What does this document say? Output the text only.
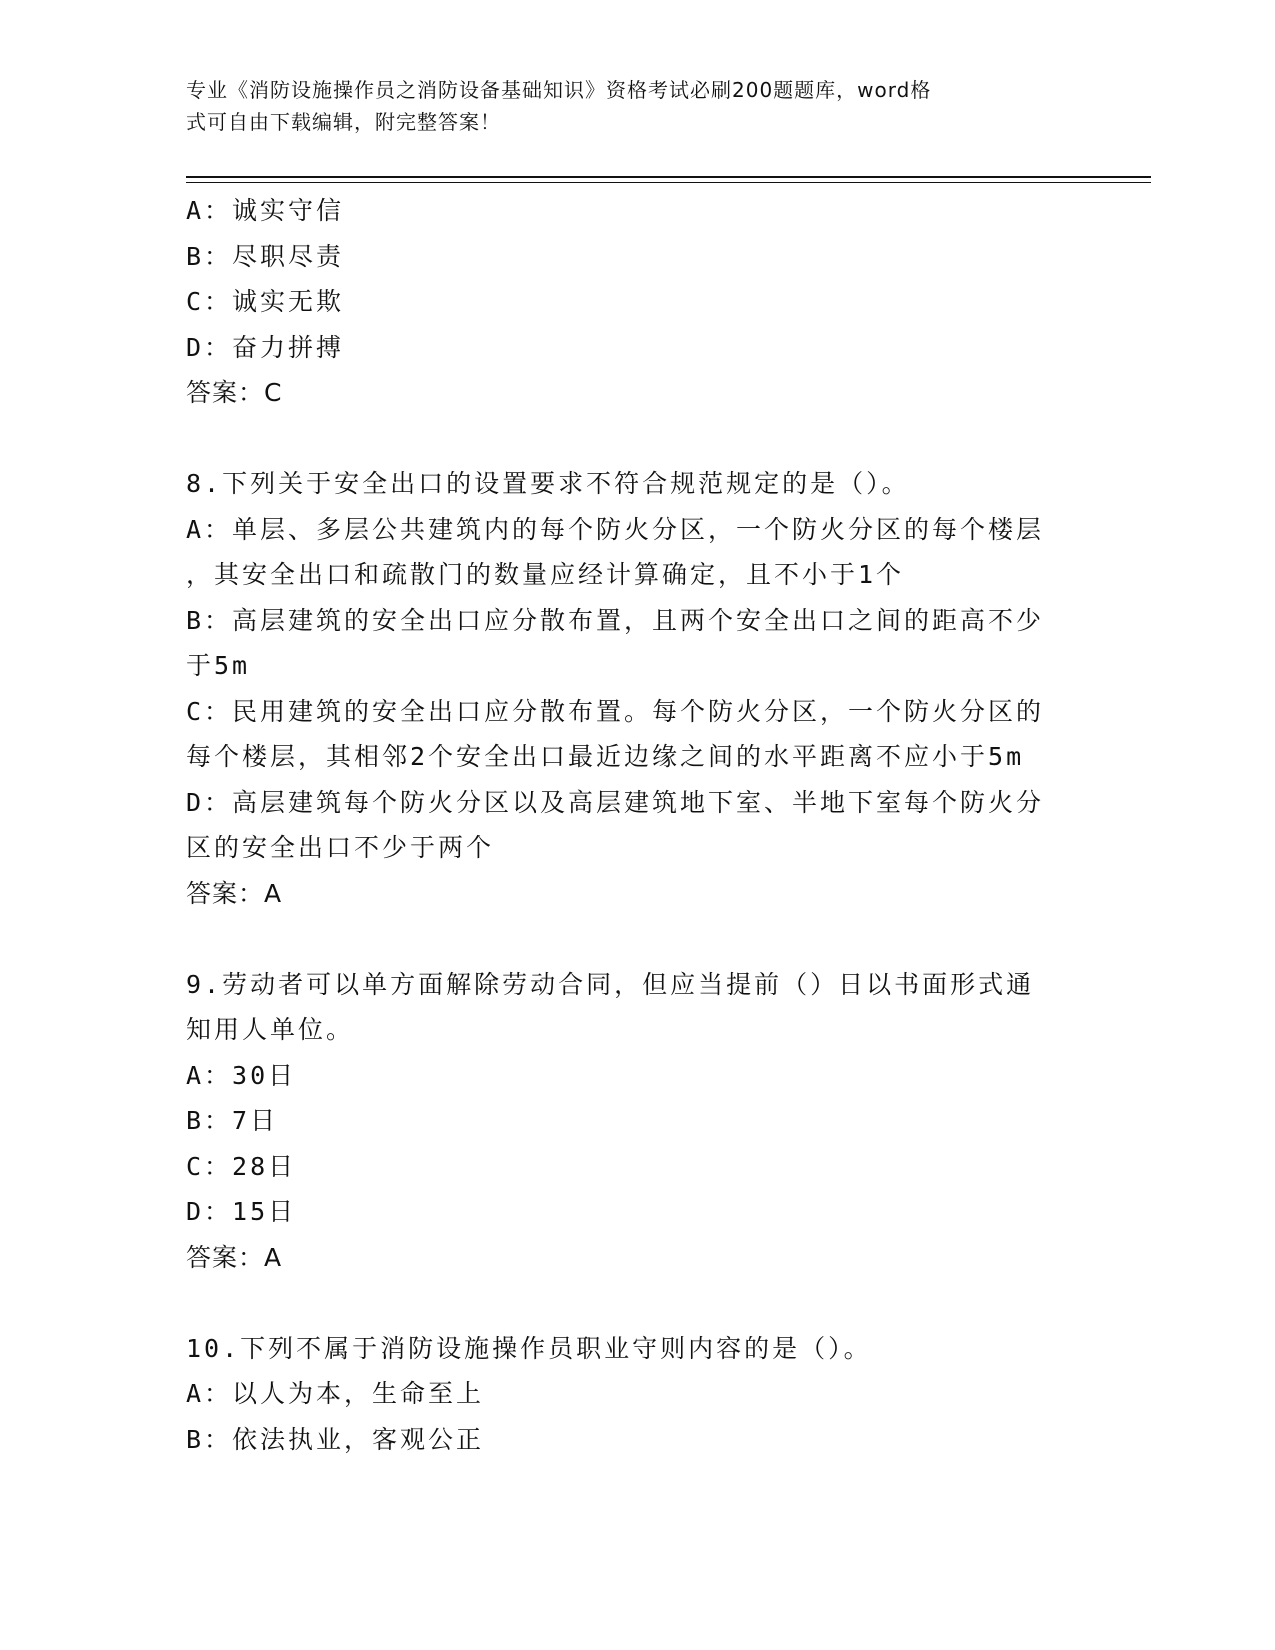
专业《消防设施操作员之消防设备基础知识》资格考试必刷200题题库，word格
式可自由下载编辑，附完整答案！
A：诚实守信
B：尽职尽责
C：诚实无欺
D：奋力拼搏
答案：C
8.下列关于安全出口的设置要求不符合规范规定的是（）。
A：单层、多层公共建筑内的每个防火分区，一个防火分区的每个楼层
，其安全出口和疏散门的数量应经计算确定，且不小于1个
B：高层建筑的安全出口应分散布置，且两个安全出口之间的距高不少
于5m
C：民用建筑的安全出口应分散布置。每个防火分区，一个防火分区的
每个楼层，其相邻2个安全出口最近边缘之间的水平距离不应小于5m
D：高层建筑每个防火分区以及高层建筑地下室、半地下室每个防火分
区的安全出口不少于两个
答案：A
9.劳动者可以单方面解除劳动合同，但应当提前（）日以书面形式通
知用人单位。
A：30日
B：7日
C：28日
D：15日
答案：A
10.下列不属于消防设施操作员职业守则内容的是（）。
A：以人为本，生命至上
B：依法执业，客观公正
